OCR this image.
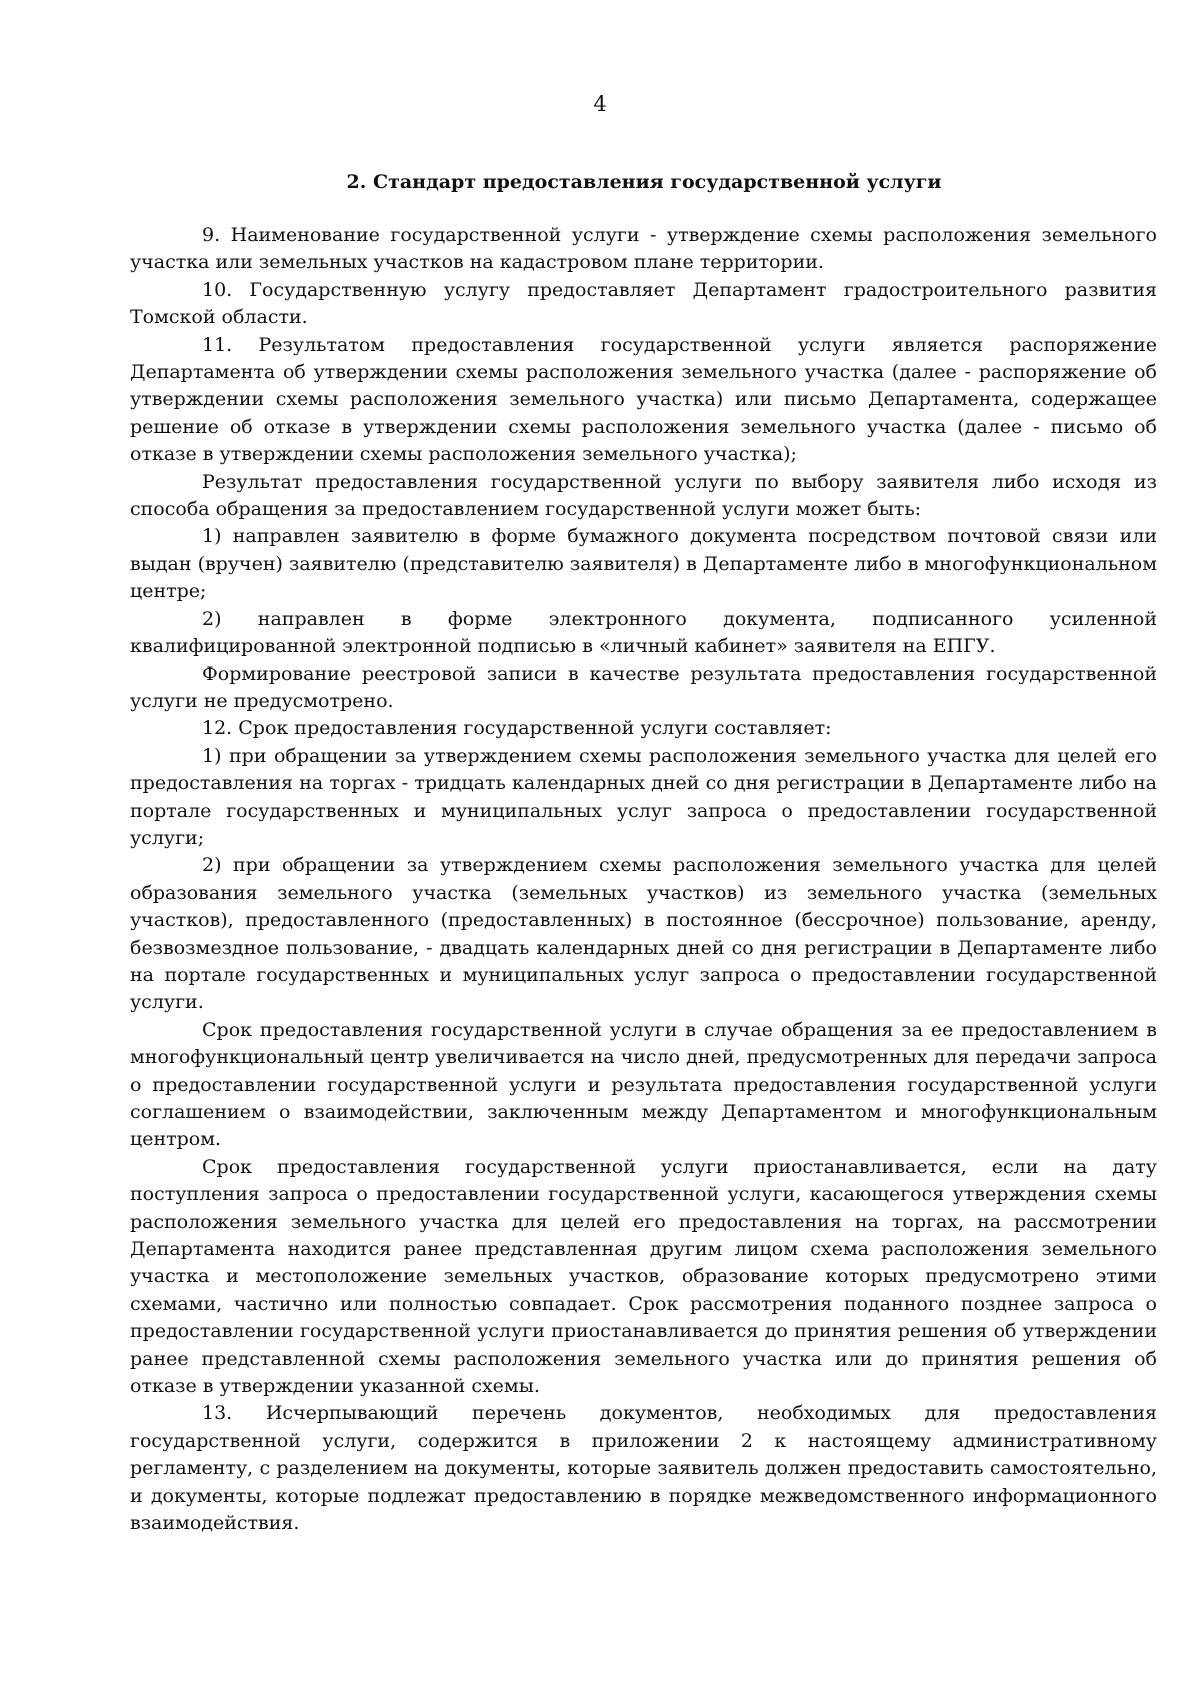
4
2. Стандарт предоставления государственной услуги

9. Наименование государственной услуги - утверждение схемы расположения земельного участка или земельных участков на кадастровом плане территории.

10. Государственную услугу предоставляет Департамент градостроительного развития Томской области.

11. Результатом предоставления государственной услуги является распоряжение Департамента об утверждении схемы расположения земельного участка (далее - распоряжение об утверждении схемы расположения земельного участка) или письмо Департамента, содержащее решение об отказе в утверждении схемы расположения земельного участка (далее - письмо об отказе в утверждении схемы расположения земельного участка);

Результат предоставления государственной услуги по выбору заявителя либо исходя из способа обращения за предоставлением государственной услуги может быть:

1) направлен заявителю в форме бумажного документа посредством почтовой связи или выдан (вручен) заявителю (представителю заявителя) в Департаменте либо в многофункциональном центре;

2) направлен в форме электронного документа, подписанного усиленной квалифицированной электронной подписью в «личный кабинет» заявителя на ЕПГУ.

Формирование реестровой записи в качестве результата предоставления государственной услуги не предусмотрено.

12. Срок предоставления государственной услуги составляет:

1) при обращении за утверждением схемы расположения земельного участка для целей его предоставления на торгах - тридцать календарных дней со дня регистрации в Департаменте либо на портале государственных и муниципальных услуг запроса о предоставлении государственной услуги;

2) при обращении за утверждением схемы расположения земельного участка для целей образования земельного участка (земельных участков) из земельного участка (земельных участков), предоставленного (предоставленных) в постоянное (бессрочное) пользование, аренду, безвозмездное пользование, - двадцать календарных дней со дня регистрации в Департаменте либо на портале государственных и муниципальных услуг запроса о предоставлении государственной услуги.

Срок предоставления государственной услуги в случае обращения за ее предоставлением в многофункциональный центр увеличивается на число дней, предусмотренных для передачи запроса о предоставлении государственной услуги и результата предоставления государственной услуги соглашением о взаимодействии, заключенным между Департаментом и многофункциональным центром.

Срок предоставления государственной услуги приостанавливается, если на дату поступления запроса о предоставлении государственной услуги, касающегося утверждения схемы расположения земельного участка для целей его предоставления на торгах, на рассмотрении Департамента находится ранее представленная другим лицом схема расположения земельного участка и местоположение земельных участков, образование которых предусмотрено этими схемами, частично или полностью совпадает. Срок рассмотрения поданного позднее запроса о предоставлении государственной услуги приостанавливается до принятия решения об утверждении ранее представленной схемы расположения земельного участка или до принятия решения об отказе в утверждении указанной схемы.

13. Исчерпывающий перечень документов, необходимых для предоставления государственной услуги, содержится в приложении 2 к настоящему административному регламенту, с разделением на документы, которые заявитель должен предоставить самостоятельно, и документы, которые подлежат предоставлению в порядке межведомственного информационного взаимодействия.
